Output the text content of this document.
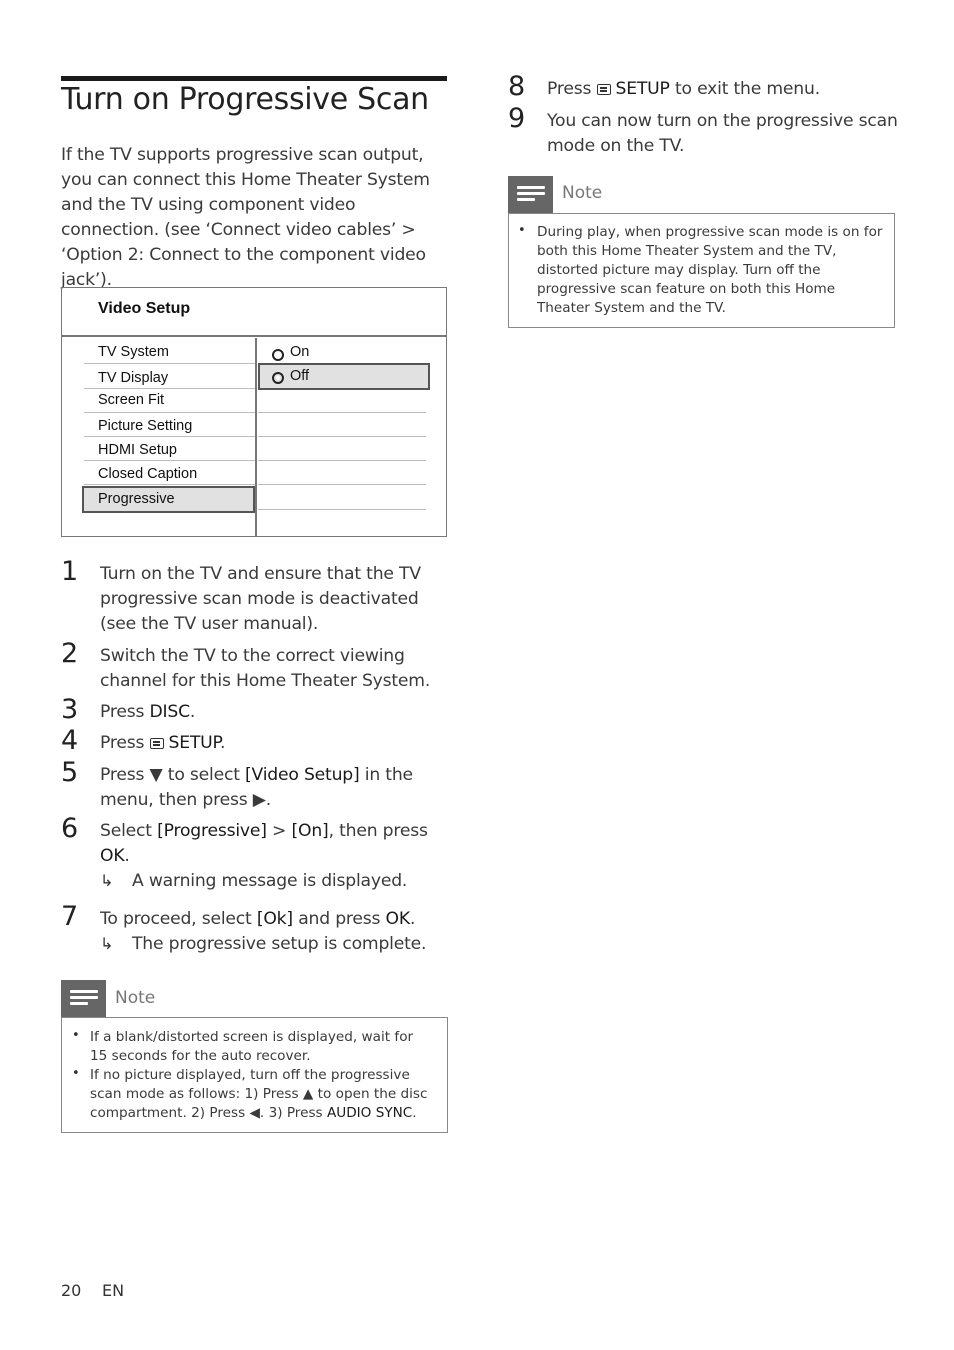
Turn on Progressive Scan
If the TV supports progressive scan output, you can connect this Home Theater System and the TV using component video connection. (see ‘Connect video cables’ > ‘Option 2: Connect to the component video jack’).
Video Setup
TV System
TV Display
Screen Fit
Picture Setting
HDMI Setup
Closed Caption
Progressive
On
Off
1	Turn on the TV and ensure that the TV progressive scan mode is deactivated (see the TV user manual).
2	Switch the TV to the correct viewing channel for this Home Theater System.
3	Press DISC.
4	Press SETUP.
5	Press ▼ to select [Video Setup] in the menu, then press ▶.
6	Select [Progressive] > [On], then press OK.
↳ A warning message is displayed.
7	To proceed, select [Ok] and press OK.
↳ The progressive setup is complete.
Note
• If a blank/distorted screen is displayed, wait for 15 seconds for the auto recover.
• If no picture displayed, turn off the progressive scan mode as follows: 1) Press ▲ to open the disc compartment. 2) Press ◀. 3) Press AUDIO SYNC.
8	Press SETUP to exit the menu.
9	You can now turn on the progressive scan mode on the TV.
Note
• During play, when progressive scan mode is on for both this Home Theater System and the TV, distorted picture may display. Turn off the progressive scan feature on both this Home Theater System and the TV.
20 EN
